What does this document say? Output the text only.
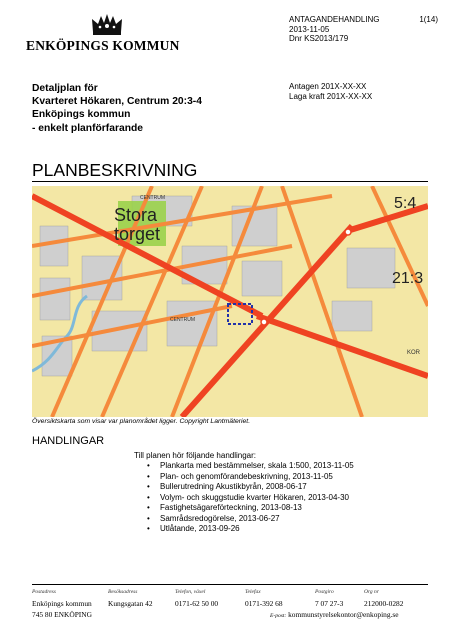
ENKÖPINGS KOMMUN
ANTAGANDEHANDLING
2013-11-05
Dnr KS2013/179
1(14)
Detaljplan för
Kvarteret Hökaren, Centrum 20:3-4
Enköpings kommun
- enkelt planförfarande
Antagen 201X-XX-XX
Laga kraft 201X-XX-XX
PLANBESKRIVNING
CENTRUM
Stora
torget
CENTRUM
5:4
21:3
KOR
Översiktskarta som visar var planområdet ligger. Copyright Lantmäteriet.
HANDLINGAR
Till planen hör följande handlingar:
• Plankarta med bestämmelser, skala 1:500, 2013-11-05
• Plan- och genomförandebeskrivning, 2013-11-05
• Bullerutredning Akustikbyrån, 2008-06-17
• Volym- och skuggstudie kvarter Hökaren, 2013-04-30
• Fastighetsägareförteckning, 2013-08-13
• Samrådsredogörelse, 2013-06-27
• Utlåtande, 2013-09-26
Postadress	Besöksadress	Telefon, växel	Telefax	Postgiro	Org nr
Enköpings kommun Kungsgatan 42	0171-62 50 00	0171-392 68	7 07 27-3	212000-0282
745 80 ENKÖPING	E-post: kommunstyrelsekontor@enkoping.se
